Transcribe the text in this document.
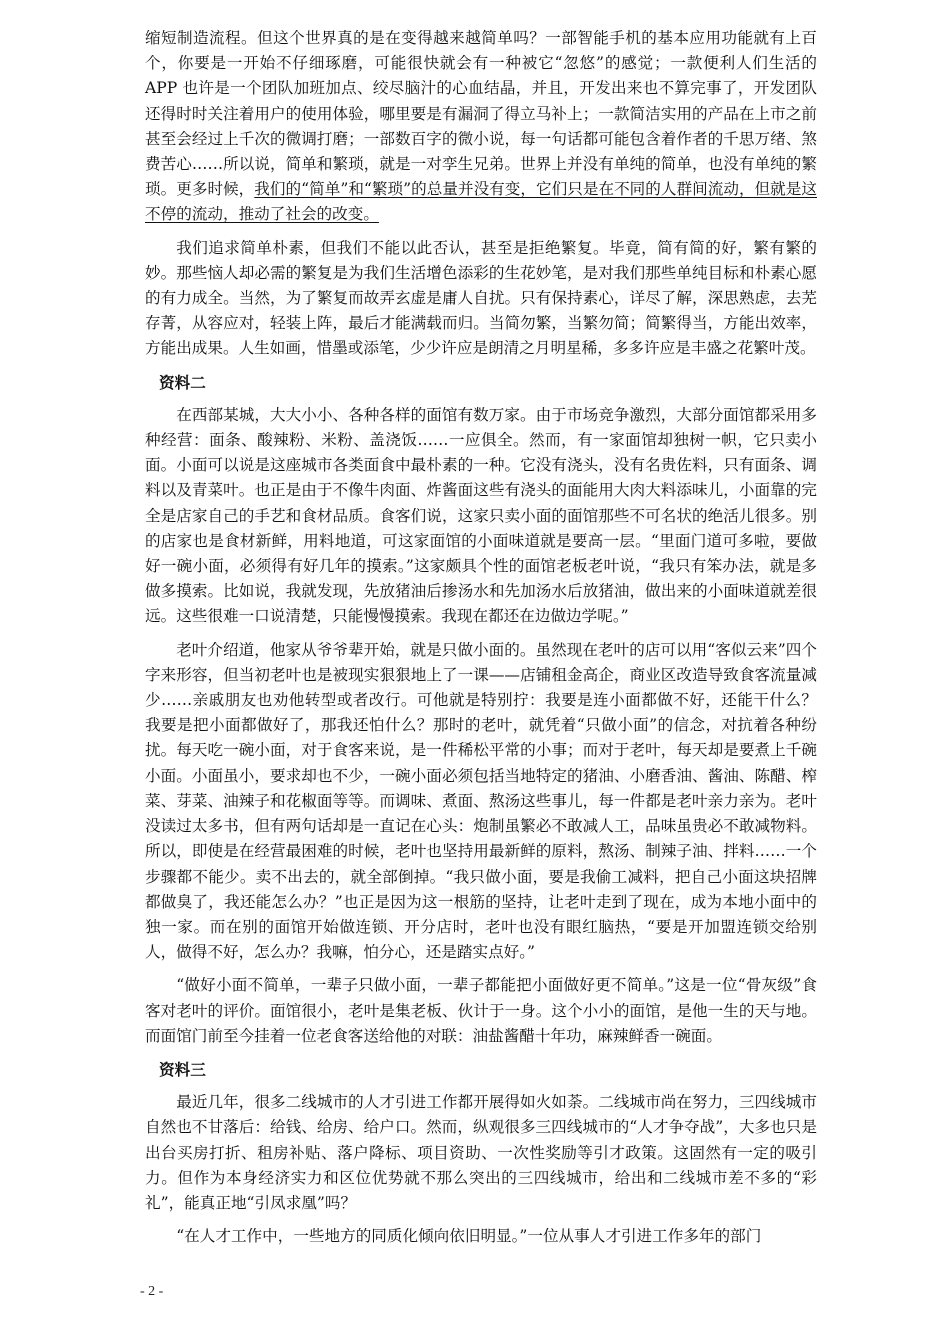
缩短制造流程。但这个世界真的是在变得越来越简单吗？一部智能手机的基本应用功能就有上百个，你要是一开始不仔细琢磨，可能很快就会有一种被它“忽悠”的感觉；一款便利人们生活的 APP 也许是一个团队加班加点、绞尽脑汁的心血结晶，并且，开发出来也不算完事了，开发团队还得时时关注着用户的使用体验，哪里要是有漏洞了得立马补上；一款简洁实用的产品在上市之前甚至会经过上千次的微调打磨；一部数百字的微小说，每一句话都可能包含着作者的千思万绪、煞费苦心……所以说，简单和繁琐，就是一对孪生兄弟。世界上并没有单纯的简单，也没有单纯的繁琐。更多时候，我们的“简单”和“繁琐”的总量并没有变，它们只是在不同的人群间流动，但就是这不停的流动，推动了社会的改变。

我们追求简单朴素，但我们不能以此否认，甚至是拒绝繁复。毕竟，简有简的好，繁有繁的妙。那些恼人却必需的繁复是为我们生活增色添彩的生花妙笔，是对我们那些单纯目标和朴素心愿的有力成全。当然，为了繁复而故弄玄虚是庸人自扰。只有保持素心，详尽了解，深思熟虑，去芜存菁，从容应对，轻装上阵，最后才能满载而归。当简勿繁，当繁勿简；简繁得当，方能出效率，方能出成果。人生如画，惜墨或添笔，少少许应是朗清之月明星稀，多多许应是丰盛之花繁叶茂。

资料二

在西部某城，大大小小、各种各样的面馆有数万家。由于市场竞争激烈，大部分面馆都采用多种经营：面条、酸辣粉、米粉、盖浇饭……一应俱全。然而，有一家面馆却独树一帜，它只卖小面。小面可以说是这座城市各类面食中最朴素的一种。它没有浇头，没有名贵佐料，只有面条、调料以及青菜叶。也正是由于不像牛肉面、炸酱面这些有浇头的面能用大肉大料添味儿，小面靠的完全是店家自己的手艺和食材品质。食客们说，这家只卖小面的面馆那些不可名状的绝活儿很多。别的店家也是食材新鲜，用料地道，可这家面馆的小面味道就是要高一层。“里面门道可多啦，要做好一碗小面，必须得有好几年的摸索。”这家颇具个性的面馆老板老叶说，“我只有笨办法，就是多做多摸索。比如说，我就发现，先放猪油后掺汤水和先加汤水后放猪油，做出来的小面味道就差很远。这些很难一口说清楚，只能慢慢摸索。我现在都还在边做边学呢。”

老叶介绍道，他家从爷爷辈开始，就是只做小面的。虽然现在老叶的店可以用“客似云来”四个字来形容，但当初老叶也是被现实狠狠地上了一课——店铺租金高企，商业区改造导致食客流量减少……亲戚朋友也劝他转型或者改行。可他就是特别拧：我要是连小面都做不好，还能干什么？ 我要是把小面都做好了，那我还怕什么？那时的老叶，就凭着“只做小面”的信念，对抗着各种纷扰。每天吃一碗小面，对于食客来说，是一件稀松平常的小事；而对于老叶，每天却是要煮上千碗小面。小面虽小，要求却也不少，一碗小面必须包括当地特定的猪油、小磨香油、酱油、陈醋、榨菜、芽菜、油辣子和花椒面等等。而调味、煮面、熬汤这些事儿，每一件都是老叶亲力亲为。老叶没读过太多书，但有两句话却是一直记在心头：炮制虽繁必不敢减人工，品味虽贵必不敢减物料。所以，即使是在经营最困难的时候，老叶也坚持用最新鲜的原料，熬汤、制辣子油、拌料……一个步骤都不能少。卖不出去的，就全部倒掉。“我只做小面，要是我偷工减料，把自己小面这块招牌都做臭了，我还能怎么办？”也正是因为这一根筋的坚持，让老叶走到了现在，成为本地小面中的独一家。而在别的面馆开始做连锁、开分店时，老叶也没有眼红脑热，“要是开加盟连锁交给别人，做得不好，怎么办？我嘛，怕分心，还是踏实点好。”

“做好小面不简单，一辈子只做小面，一辈子都能把小面做好更不简单。”这是一位“骨灰级”食客对老叶的评价。面馆很小，老叶是集老板、伙计于一身。这个小小的面馆，是他一生的天与地。而面馆门前至今挂着一位老食客送给他的对联：油盐酱醋十年功，麻辣鲜香一碗面。

资料三

最近几年，很多二线城市的人才引进工作都开展得如火如荼。二线城市尚在努力，三四线城市自然也不甘落后：给钱、给房、给户口。然而，纵观很多三四线城市的“人才争夺战”，大多也只是出台买房打折、租房补贴、落户降标、项目资助、一次性奖励等引才政策。这固然有一定的吸引力。但作为本身经济实力和区位优势就不那么突出的三四线城市，给出和二线城市差不多的“彩礼”，能真正地“引凤求凰”吗？

“在人才工作中，一些地方的同质化倾向依旧明显。”一位从事人才引进工作多年的部门

- 2 -
